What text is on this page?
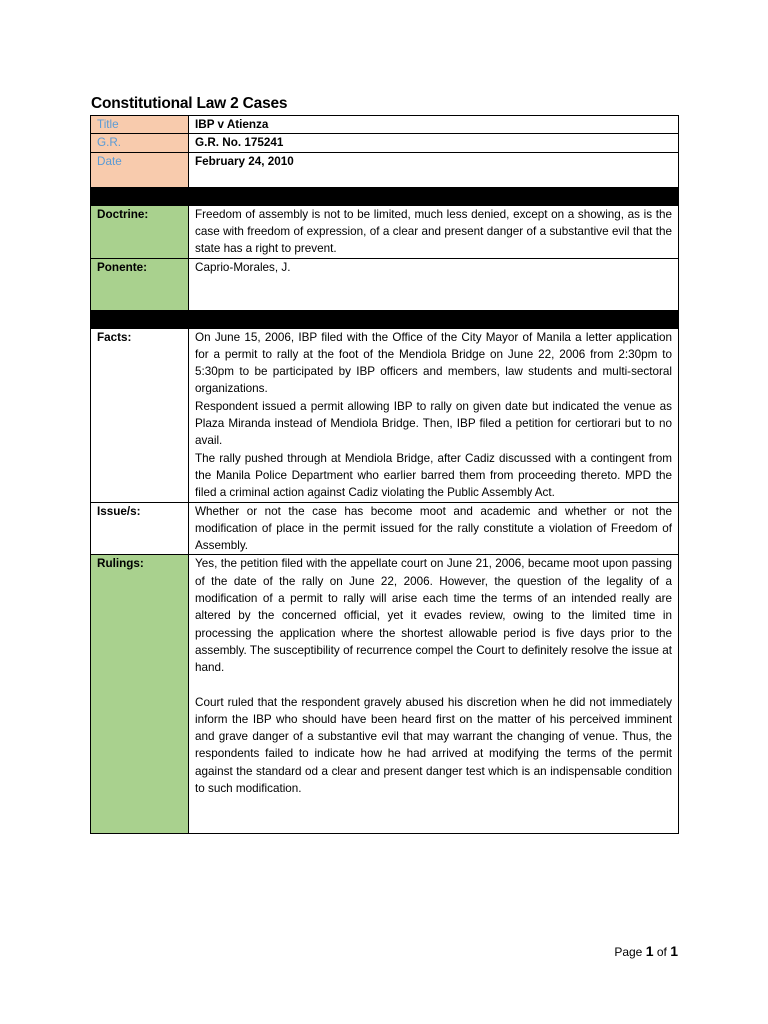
Constitutional Law 2 Cases
Title	IBP v Atienza
G.R.	G.R. No. 175241
Date	February 24, 2010

Doctrine:	Freedom of assembly is not to be limited, much less denied, except on a showing, as is the case with freedom of expression, of a clear and present danger of a substantive evil that the state has a right to prevent.
Ponente:	Caprio-Morales, J.

Facts:	On June 15, 2006, IBP filed with the Office of the City Mayor of Manila a letter application for a permit to rally at the foot of the Mendiola Bridge on June 22, 2006 from 2:30pm to 5:30pm to be participated by IBP officers and members, law students and multi-sectoral organizations.

Respondent issued a permit allowing IBP to rally on given date but indicated the venue as Plaza Miranda instead of Mendiola Bridge. Then, IBP filed a petition for certiorari but to no avail.

The rally pushed through at Mendiola Bridge, after Cadiz discussed with a contingent from the Manila Police Department who earlier barred them from proceeding thereto. MPD the filed a criminal action against Cadiz violating the Public Assembly Act.

Issue/s:	Whether or not the case has become moot and academic and whether or not the modification of place in the permit issued for the rally constitute a violation of Freedom of Assembly.
Rulings:	Yes, the petition filed with the appellate court on June 21, 2006, became moot upon passing of the date of the rally on June 22, 2006. However, the question of the legality of a modification of a permit to rally will arise each time the terms of an intended really are altered by the concerned official, yet it evades review, owing to the limited time in processing the application where the shortest allowable period is five days prior to the assembly. The susceptibility of recurrence compel the Court to definitely resolve the issue at hand.

Court ruled that the respondent gravely abused his discretion when he did not immediately inform the IBP who should have been heard first on the matter of his perceived imminent and grave danger of a substantive evil that may warrant the changing of venue. Thus, the respondents failed to indicate how he had arrived at modifying the terms of the permit against the standard od a clear and present danger test which is an indispensable condition to such modification.

Page 1 of 1
